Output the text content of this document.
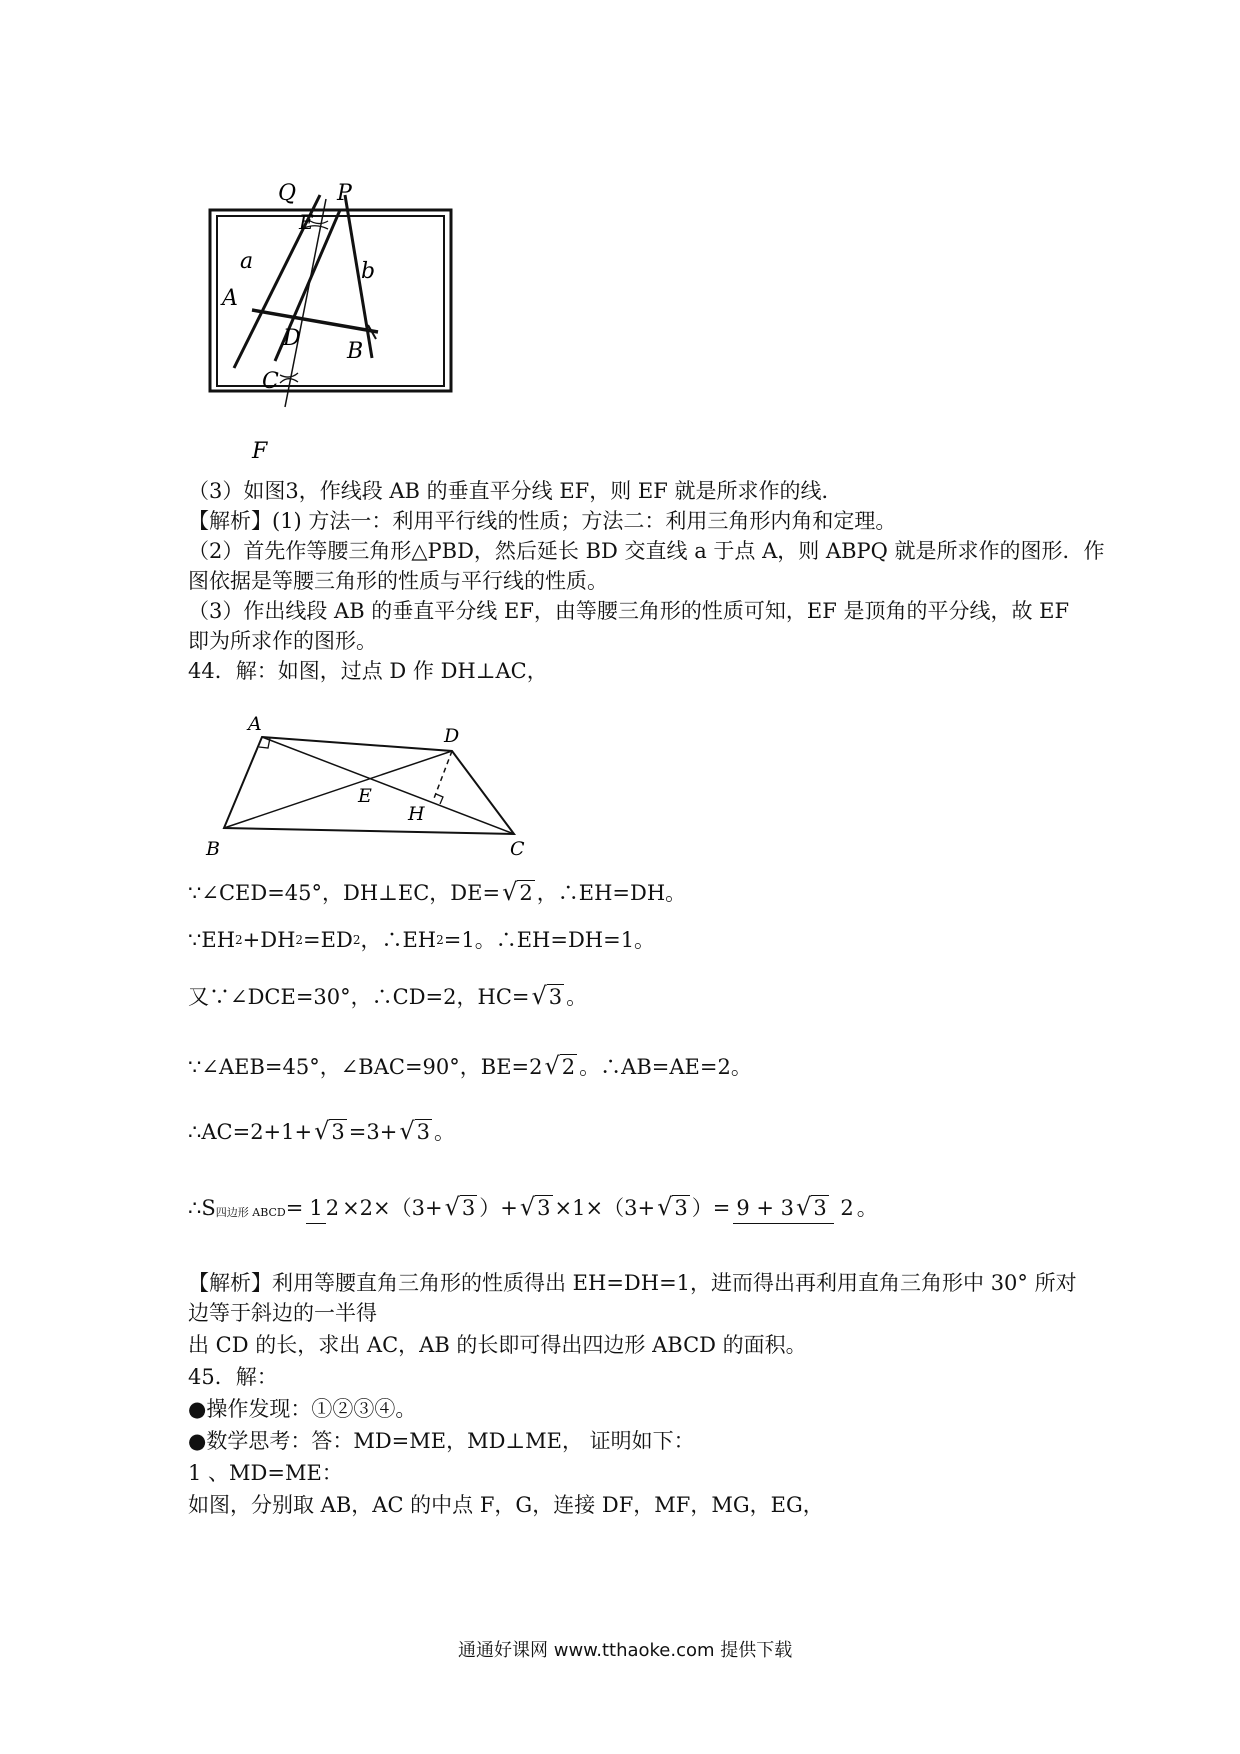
Q P
E
a	b
A
D
B
C
F
（3）如图3，作线段 AB 的垂直平分线 EF，则 EF 就是所求作的线．
【解析】(1) 方法一：利用平行线的性质；方法二：利用三角形内角和定理。
（2）首先作等腰三角形△PBD，然后延长 BD 交直线 a 于点 A，则 ABPQ 就是所求作的图形．作
图依据是等腰三角形的性质与平行线的性质。
（3）作出线段 AB 的垂直平分线 EF，由等腰三角形的性质可知，EF 是顶角的平分线，故 EF
即为所求作的图形。
44．解：如图，过点 D 作 DH⊥AC，
A
D
E
H
B	C
∵∠CED=45°，DH⊥EC，DE= √2 ，∴EH=DH。
∵EH 2 +DH 2 =ED 2 ，∴EH 2 =1。∴EH=DH=1。
又∵∠DCE=30°，∴CD=2，HC= √3 。
∵∠AEB=45°，∠BAC=90°，BE=2 √2 。∴AB=AE=2。
∴AC=2+1+ √3 =3+ √3 。
∴S 四边形 ABCD = 1 2 ×2×（3+ √3 ）+ √3 ×1×（3+ √3 ）= 9 + 3 √3 2 。
【解析】利用等腰直角三角形的性质得出 EH=DH=1，进而得出再利用直角三角形中 30° 所对
边等于斜边的一半得
出 CD 的长，求出 AC，AB 的长即可得出四边形 ABCD 的面积。
45．解：
●操作发现：①②③④。
●数学思考：答：MD=ME，MD⊥ME， 证明如下：
1 、MD=ME：
如图，分别取 AB，AC 的中点 F，G，连接 DF，MF，MG，EG，
通通好课网 www.tthaoke.com 提供下载
